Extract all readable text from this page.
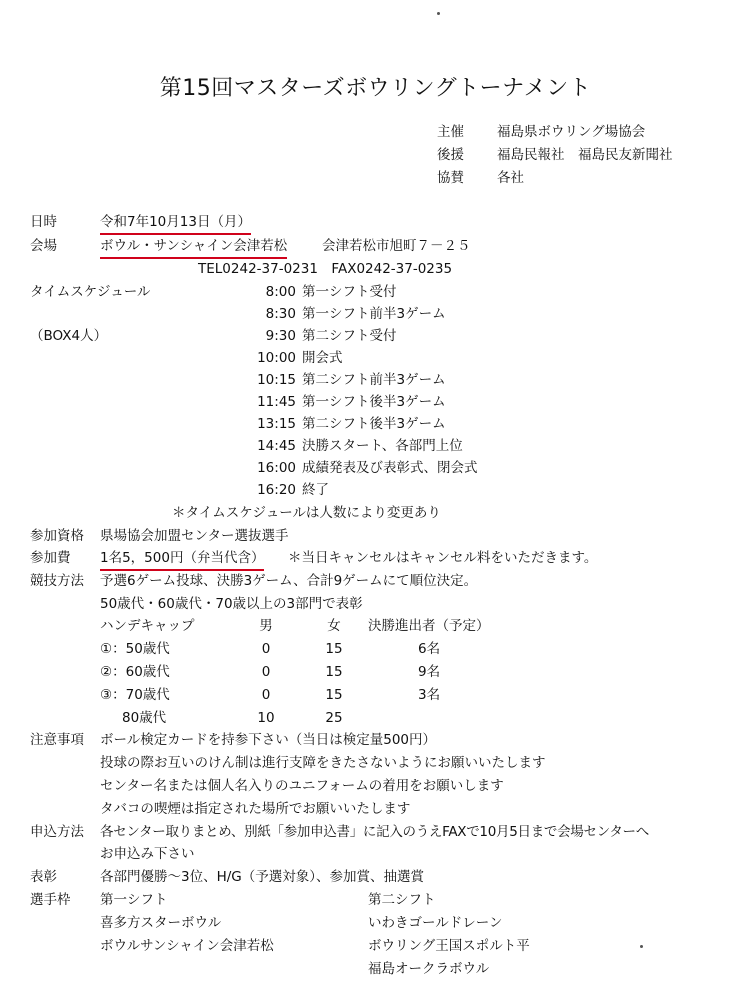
第15回マスターズボウリングトーナメント
主催 福島県ボウリング場協会
後援 福島民報社　福島民友新聞社
協賛 各社
日時	令和7年10月13日（月）
会場	ボウル・サンシャイン会津若松	会津若松市旭町７－２５
TEL0242-37-0231　FAX0242-37-0235
タイムスケジュール
（BOX4人）
8:00 第一シフト受付
8:30 第一シフト前半3ゲーム
9:30 第二シフト受付
10:00 開会式
10:15 第二シフト前半3ゲーム
11:45 第一シフト後半3ゲーム
13:15 第二シフト後半3ゲーム
14:45 決勝スタート、各部門上位
16:00 成績発表及び表彰式、閉会式
16:20 終了
＊タイムスケジュールは人数により変更あり
参加資格 県場協会加盟センター選抜選手
参加費 1名5，500円（弁当代含） ＊当日キャンセルはキャンセル料をいただきます。
競技方法 予選6ゲーム投球、決勝3ゲーム、合計9ゲームにて順位決定。
50歳代・60歳代・70歳以上の3部門で表彰
ハンデキャップ	男	女	決勝進出者（予定）
①：50歳代	0	15	6名
②：60歳代	0	15	9名
③：70歳代	0	15	3名
80歳代	10	25
注意事項 ボール検定カードを持参下さい（当日は検定量500円）
投球の際お互いのけん制は進行支障をきたさないようにお願いいたします
センター名または個人名入りのユニフォームの着用をお願いします
タバコの喫煙は指定された場所でお願いいたします
申込方法 各センター取りまとめ、別紙「参加申込書」に記入のうえFAXで10月5日まで会場センターへ
お申込み下さい
表彰	各部門優勝～3位、H/G（予選対象）、参加賞、抽選賞
選手枠 第一シフト
喜多方スターボウル
ボウルサンシャイン会津若松
第二シフト
いわきゴールドレーン
ボウリング王国スポルト平
福島オークラボウル
